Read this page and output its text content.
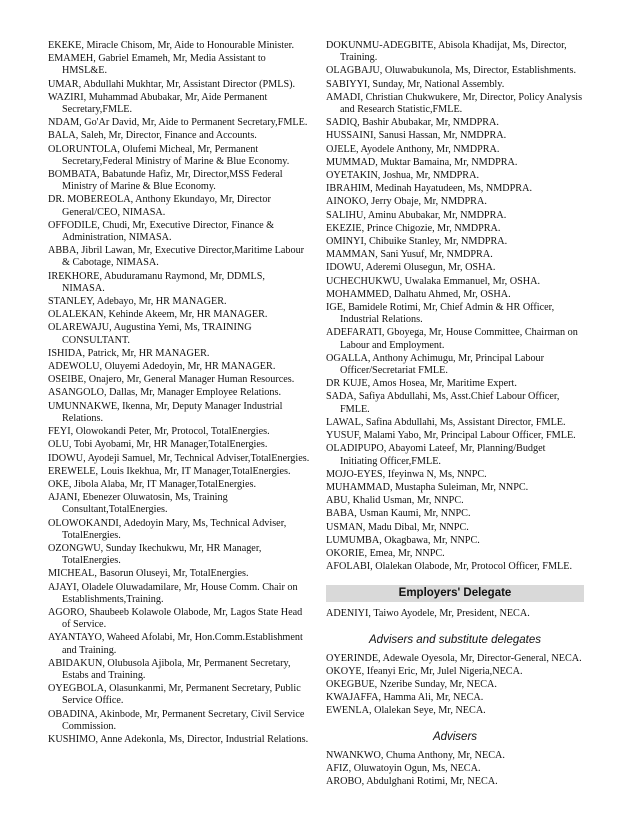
EKEKE, Miracle Chisom, Mr, Aide to Honourable Minister.
EMAMEH, Gabriel Emameh, Mr, Media Assistant to HMSL&E.
UMAR, Abdullahi Mukhtar, Mr, Assistant Director (PMLS).
WAZIRI, Muhammad Abubakar, Mr, Aide Permanent Secretary,FMLE.
NDAM, Go'Ar David, Mr, Aide to Permanent Secretary,FMLE.
BALA, Saleh, Mr, Director, Finance and Accounts.
OLORUNTOLA, Olufemi Micheal, Mr, Permanent Secretary,Federal Ministry of Marine & Blue Economy.
BOMBATA, Babatunde Hafiz, Mr, Director,MSS Federal Ministry of Marine & Blue Economy.
DR. MOBEREOLA, Anthony Ekundayo, Mr, Director General/CEO, NIMASA.
OFFODILE, Chudi, Mr, Executive Director, Finance & Administration, NIMASA.
ABBA, Jibril Lawan, Mr, Executive Director,Maritime Labour & Cabotage, NIMASA.
IREKHORE, Abuduramanu Raymond, Mr, DDMLS, NIMASA.
STANLEY, Adebayo, Mr, HR MANAGER.
OLALEKAN, Kehinde Akeem, Mr, HR MANAGER.
OLAREWAJU, Augustina Yemi, Ms, TRAINING CONSULTANT.
ISHIDA, Patrick, Mr, HR MANAGER.
ADEWOLU, Oluyemi Adedoyin, Mr, HR MANAGER.
OSEIBE, Onajero, Mr, General Manager Human Resources.
ASANGOLO, Dallas, Mr, Manager Employee Relations.
UMUNNAKWE, Ikenna, Mr, Deputy Manager Industrial Relations.
FEYI, Olowokandi Peter, Mr, Protocol, TotalEnergies.
OLU, Tobi Ayobami, Mr, HR Manager,TotalEnergies.
IDOWU, Ayodeji Samuel, Mr, Technical Adviser,TotalEnergies.
EREWELE, Louis Ikekhua, Mr, IT Manager,TotalEnergies.
OKE, Jibola Alaba, Mr, IT Manager,TotalEnergies.
AJANI, Ebenezer Oluwatosin, Ms, Training Consultant,TotalEnergies.
OLOWOKANDI, Adedoyin Mary, Ms, Technical Adviser, TotalEnergies.
OZONGWU, Sunday Ikechukwu, Mr, HR Manager, TotalEnergies.
MICHEAL, Basorun Oluseyi, Mr, TotalEnergies.
AJAYI, Oladele Oluwadamilare, Mr, House Comm. Chair on Establishments,Training.
AGORO, Shaubeeb Kolawole Olabode, Mr, Lagos State Head of Service.
AYANTAYO, Waheed Afolabi, Mr, Hon.Comm.Establishment and Training.
ABIDAKUN, Olubusola Ajibola, Mr, Permanent Secretary, Estabs and Training.
OYEGBOLA, Olasunkanmi, Mr, Permanent Secretary, Public Service Office.
OBADINA, Akinbode, Mr, Permanent Secretary, Civil Service Commission.
KUSHIMO, Anne Adekonla, Ms, Director, Industrial Relations.
DOKUNMU-ADEGBITE, Abisola Khadijat, Ms, Director, Training.
OLAGBAJU, Oluwabukunola, Ms, Director, Establishments.
SABIYYI, Sunday, Mr, National Assembly.
AMADI, Christian Chukwukere, Mr, Director, Policy Analysis and Research Statistic,FMLE.
SADIQ, Bashir Abubakar, Mr, NMDPRA.
HUSSAINI, Sanusi Hassan, Mr, NMDPRA.
OJELE, Ayodele Anthony, Mr, NMDPRA.
MUMMAD, Muktar Bamaina, Mr, NMDPRA.
OYETAKIN, Joshua, Mr, NMDPRA.
IBRAHIM, Medinah Hayatudeen, Ms, NMDPRA.
AINOKO, Jerry Obaje, Mr, NMDPRA.
SALIHU, Aminu Abubakar, Mr, NMDPRA.
EKEZIE, Prince Chigozie, Mr, NMDPRA.
OMINYI, Chibuike Stanley, Mr, NMDPRA.
MAMMAN, Sani Yusuf, Mr, NMDPRA.
IDOWU, Aderemi Olusegun, Mr, OSHA.
UCHECHUKWU, Uwalaka Emmanuel, Mr, OSHA.
MOHAMMED, Dalhatu Ahmed, Mr, OSHA.
IGE, Bamidele Rotimi, Mr, Chief Admin & HR Officer, Industrial Relations.
ADEFARATI, Gboyega, Mr, House Committee, Chairman on Labour and Employment.
OGALLA, Anthony Achimugu, Mr, Principal Labour Officer/Secretariat FMLE.
DR KUJE, Amos Hosea, Mr, Maritime Expert.
SADA, Safiya Abdullahi, Ms, Asst.Chief Labour Officer, FMLE.
LAWAL, Safina Abdullahi, Ms, Assistant Director, FMLE.
YUSUF, Malami Yabo, Mr, Principal Labour Officer, FMLE.
OLADIPUPO, Abayomi Lateef, Mr, Planning/Budget Initiating Officer,FMLE.
MOJO-EYES, Ifeyinwa N, Ms, NNPC.
MUHAMMAD, Mustapha Suleiman, Mr, NNPC.
ABU, Khalid Usman, Mr, NNPC.
BABA, Usman Kaumi, Mr, NNPC.
USMAN, Madu Dibal, Mr, NNPC.
LUMUMBA, Okagbawa, Mr, NNPC.
OKORIE, Emea, Mr, NNPC.
AFOLABI, Olalekan Olabode, Mr, Protocol Officer, FMLE.
Employers' Delegate
ADENIYI, Taiwo Ayodele, Mr, President, NECA.
Advisers and substitute delegates
OYERINDE, Adewale Oyesola, Mr, Director-General, NECA.
OKOYE, Ifeanyi Eric, Mr, Julel Nigeria,NECA.
OKEGBUE, Nzeribe Sunday, Mr, NECA.
KWAJAFFA, Hamma Ali, Mr, NECA.
EWENLA, Olalekan Seye, Mr, NECA.
Advisers
NWANKWO, Chuma Anthony, Mr, NECA.
AFIZ, Oluwatoyin Ogun, Ms, NECA.
AROBO, Abdulghani Rotimi, Mr, NECA.
